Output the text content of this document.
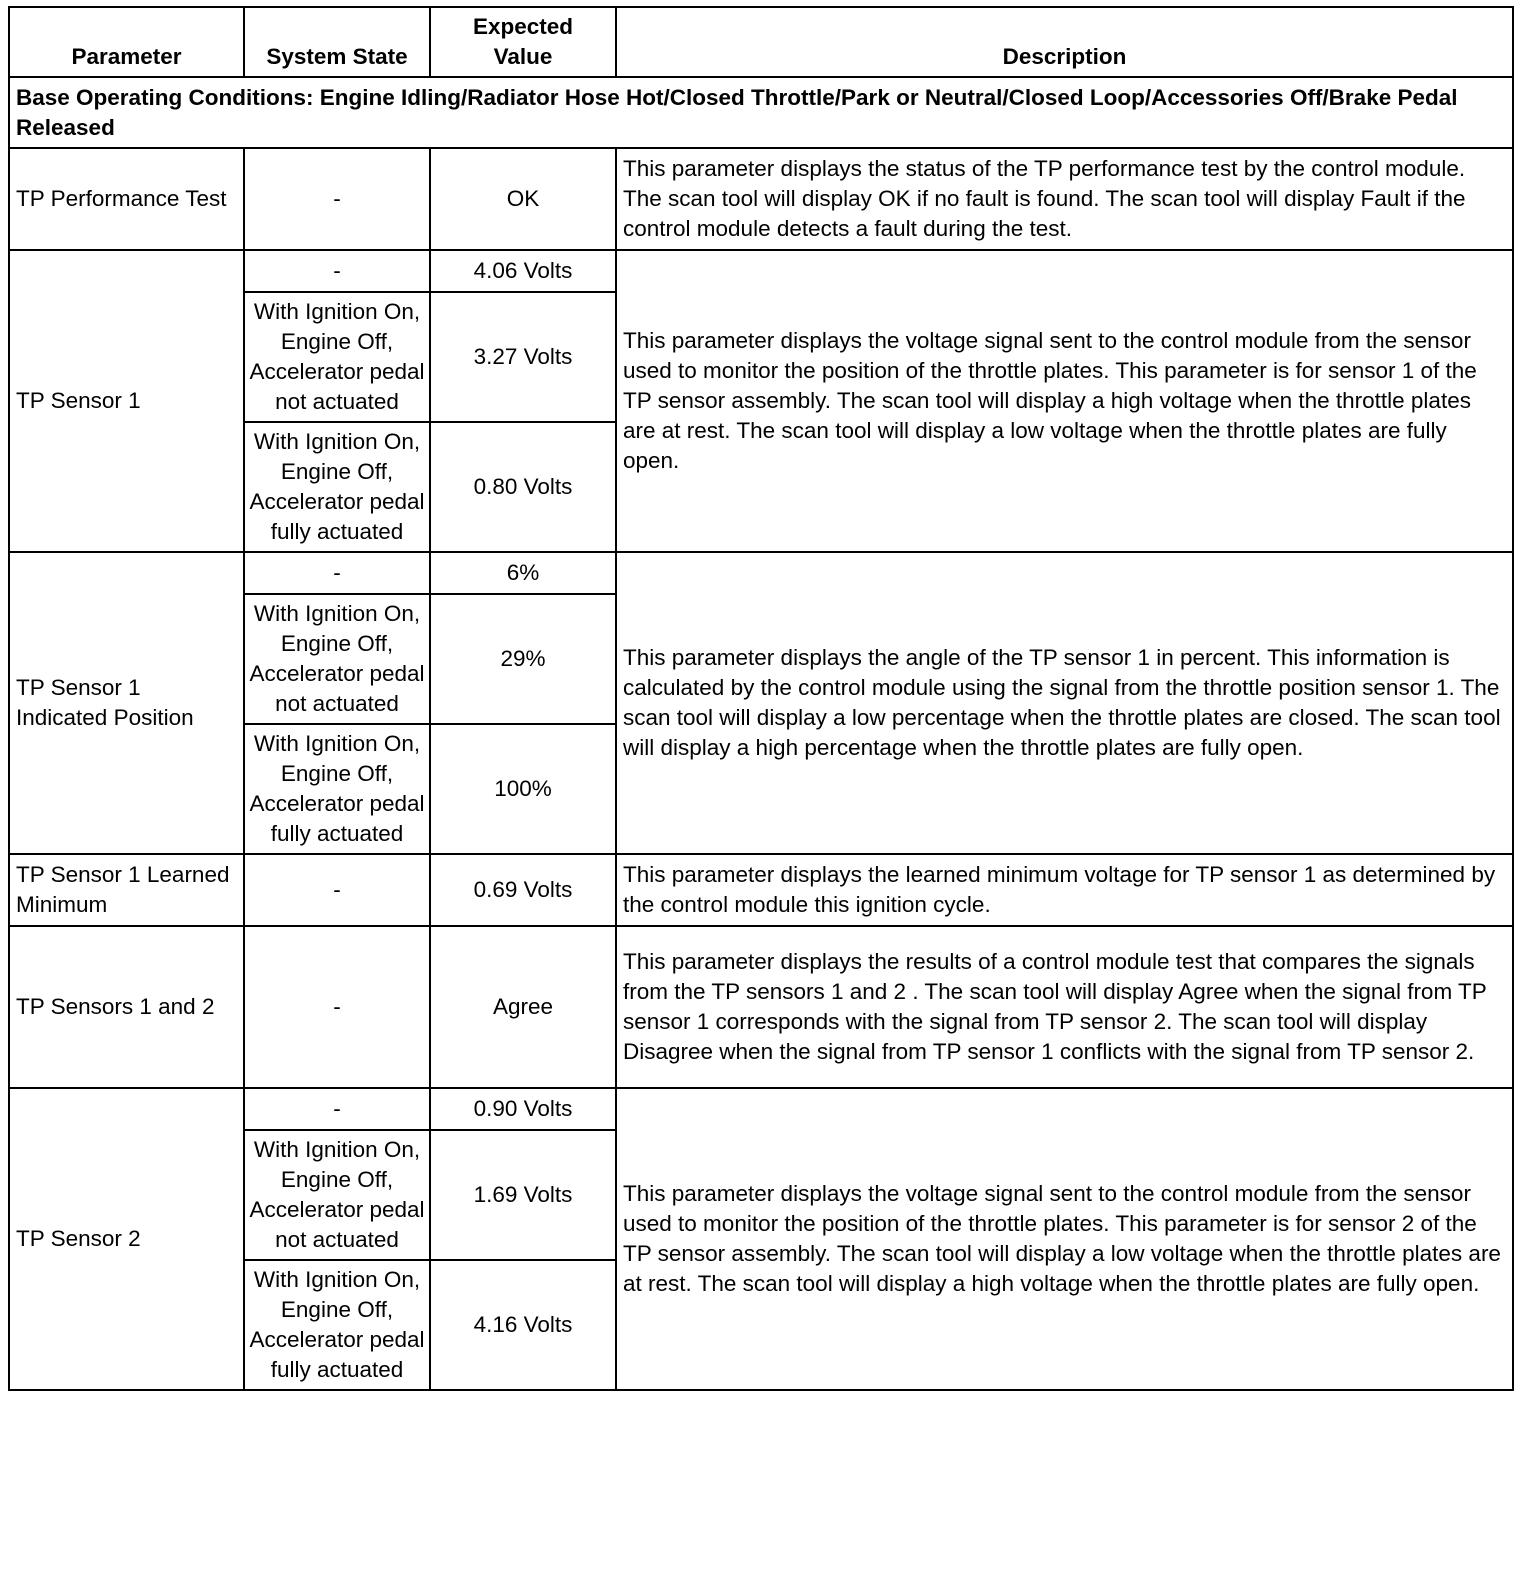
Parameter	System State	Expected Value	Description
Base Operating Conditions: Engine Idling/Radiator Hose Hot/Closed Throttle/Park or Neutral/Closed Loop/Accessories Off/Brake Pedal Released			
TP Performance Test	-	OK	This parameter displays the status of the TP performance test by the control module. The scan tool will display OK if no fault is found. The scan tool will display Fault if the control module detects a fault during the test.
TP Sensor 1	-	4.06 Volts	This parameter displays the voltage signal sent to the control module from the sensor used to monitor the position of the throttle plates. This parameter is for sensor 1 of the TP sensor assembly. The scan tool will display a high voltage when the throttle plates are at rest. The scan tool will display a low voltage when the throttle plates are fully open.
	With Ignition On, Engine Off, Accelerator pedal not actuated	3.27 Volts	
	With Ignition On, Engine Off, Accelerator pedal fully actuated	0.80 Volts	
TP Sensor 1 Indicated Position	-	6%	This parameter displays the angle of the TP sensor 1 in percent. This information is calculated by the control module using the signal from the throttle position sensor 1. The scan tool will display a low percentage when the throttle plates are closed. The scan tool will display a high percentage when the throttle plates are fully open.
	With Ignition On, Engine Off, Accelerator pedal not actuated	29%	
	With Ignition On, Engine Off, Accelerator pedal fully actuated	100%	
TP Sensor 1 Learned Minimum	-	0.69 Volts	This parameter displays the learned minimum voltage for TP sensor 1 as determined by the control module this ignition cycle.
TP Sensors 1 and 2	-	Agree	This parameter displays the results of a control module test that compares the signals from the TP sensors 1 and 2 . The scan tool will display Agree when the signal from TP sensor 1 corresponds with the signal from TP sensor 2. The scan tool will display Disagree when the signal from TP sensor 1 conflicts with the signal from TP sensor 2.
TP Sensor 2	-	0.90 Volts	This parameter displays the voltage signal sent to the control module from the sensor used to monitor the position of the throttle plates. This parameter is for sensor 2 of the TP sensor assembly. The scan tool will display a low voltage when the throttle plates are at rest. The scan tool will display a high voltage when the throttle plates are fully open.
	With Ignition On, Engine Off, Accelerator pedal not actuated	1.69 Volts	
	With Ignition On, Engine Off, Accelerator pedal fully actuated	4.16 Volts	
